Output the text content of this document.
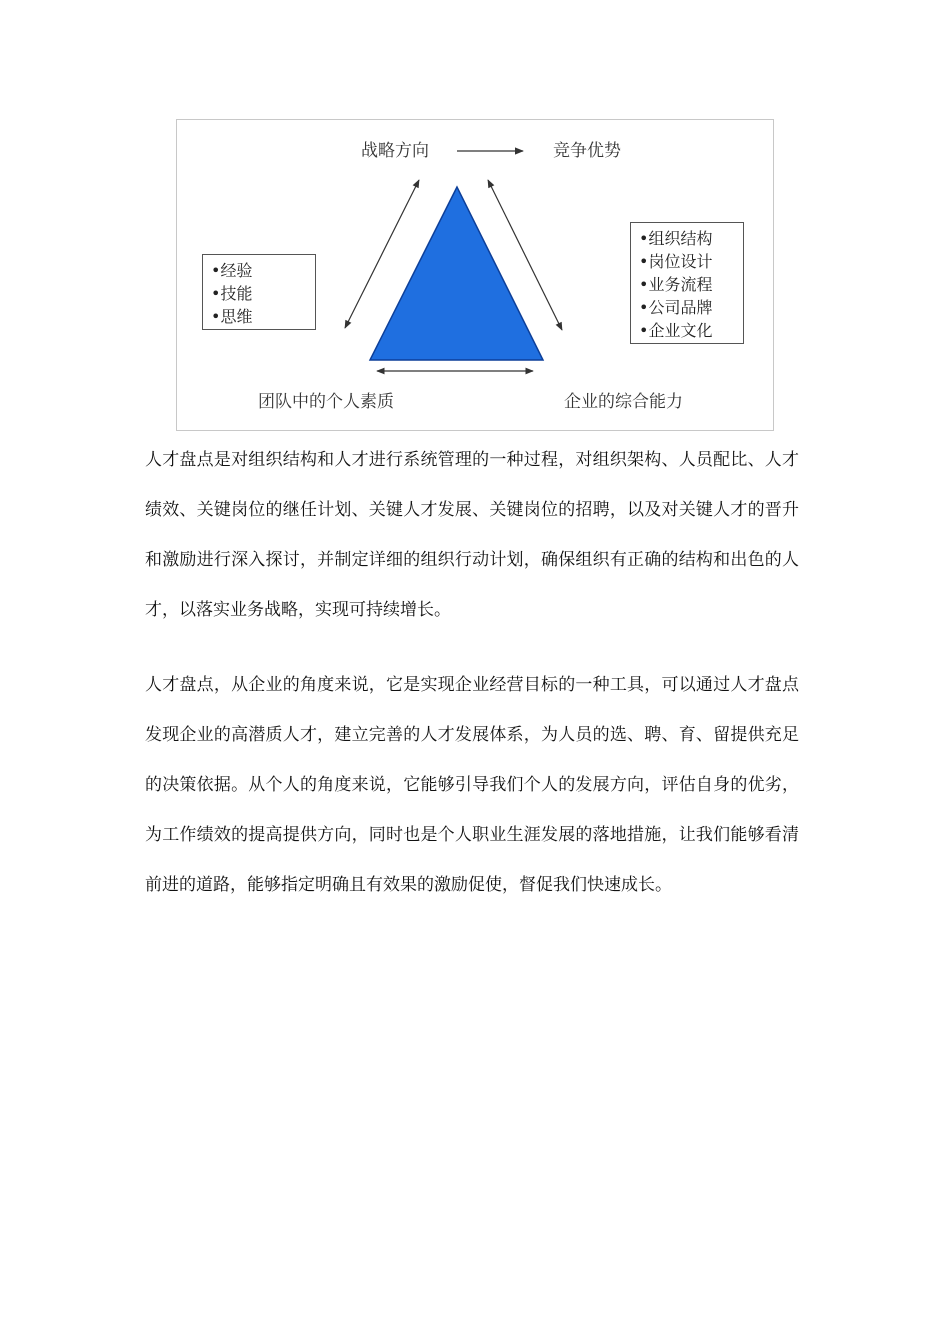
战略方向	竞争优势
团队中的个人素质	企业的综合能力
•经验
•技能
•思维
•组织结构
•岗位设计
•业务流程
•公司品牌
•企业文化

人才盘点是对组织结构和人才进行系统管理的一种过程，对组织架构、人员配比、人才绩效、关键岗位的继任计划、关键人才发展、关键岗位的招聘，以及对关键人才的晋升和激励进行深入探讨，并制定详细的组织行动计划，确保组织有正确的结构和出色的人才，以落实业务战略，实现可持续增长。

人才盘点，从企业的角度来说，它是实现企业经营目标的一种工具，可以通过人才盘点发现企业的高潜质人才，建立完善的人才发展体系，为人员的选、聘、育、留提供充足的决策依据。从个人的角度来说，它能够引导我们个人的发展方向，评估自身的优劣，为工作绩效的提高提供方向，同时也是个人职业生涯发展的落地措施，让我们能够看清前进的道路，能够指定明确且有效果的激励促使，督促我们快速成长。
